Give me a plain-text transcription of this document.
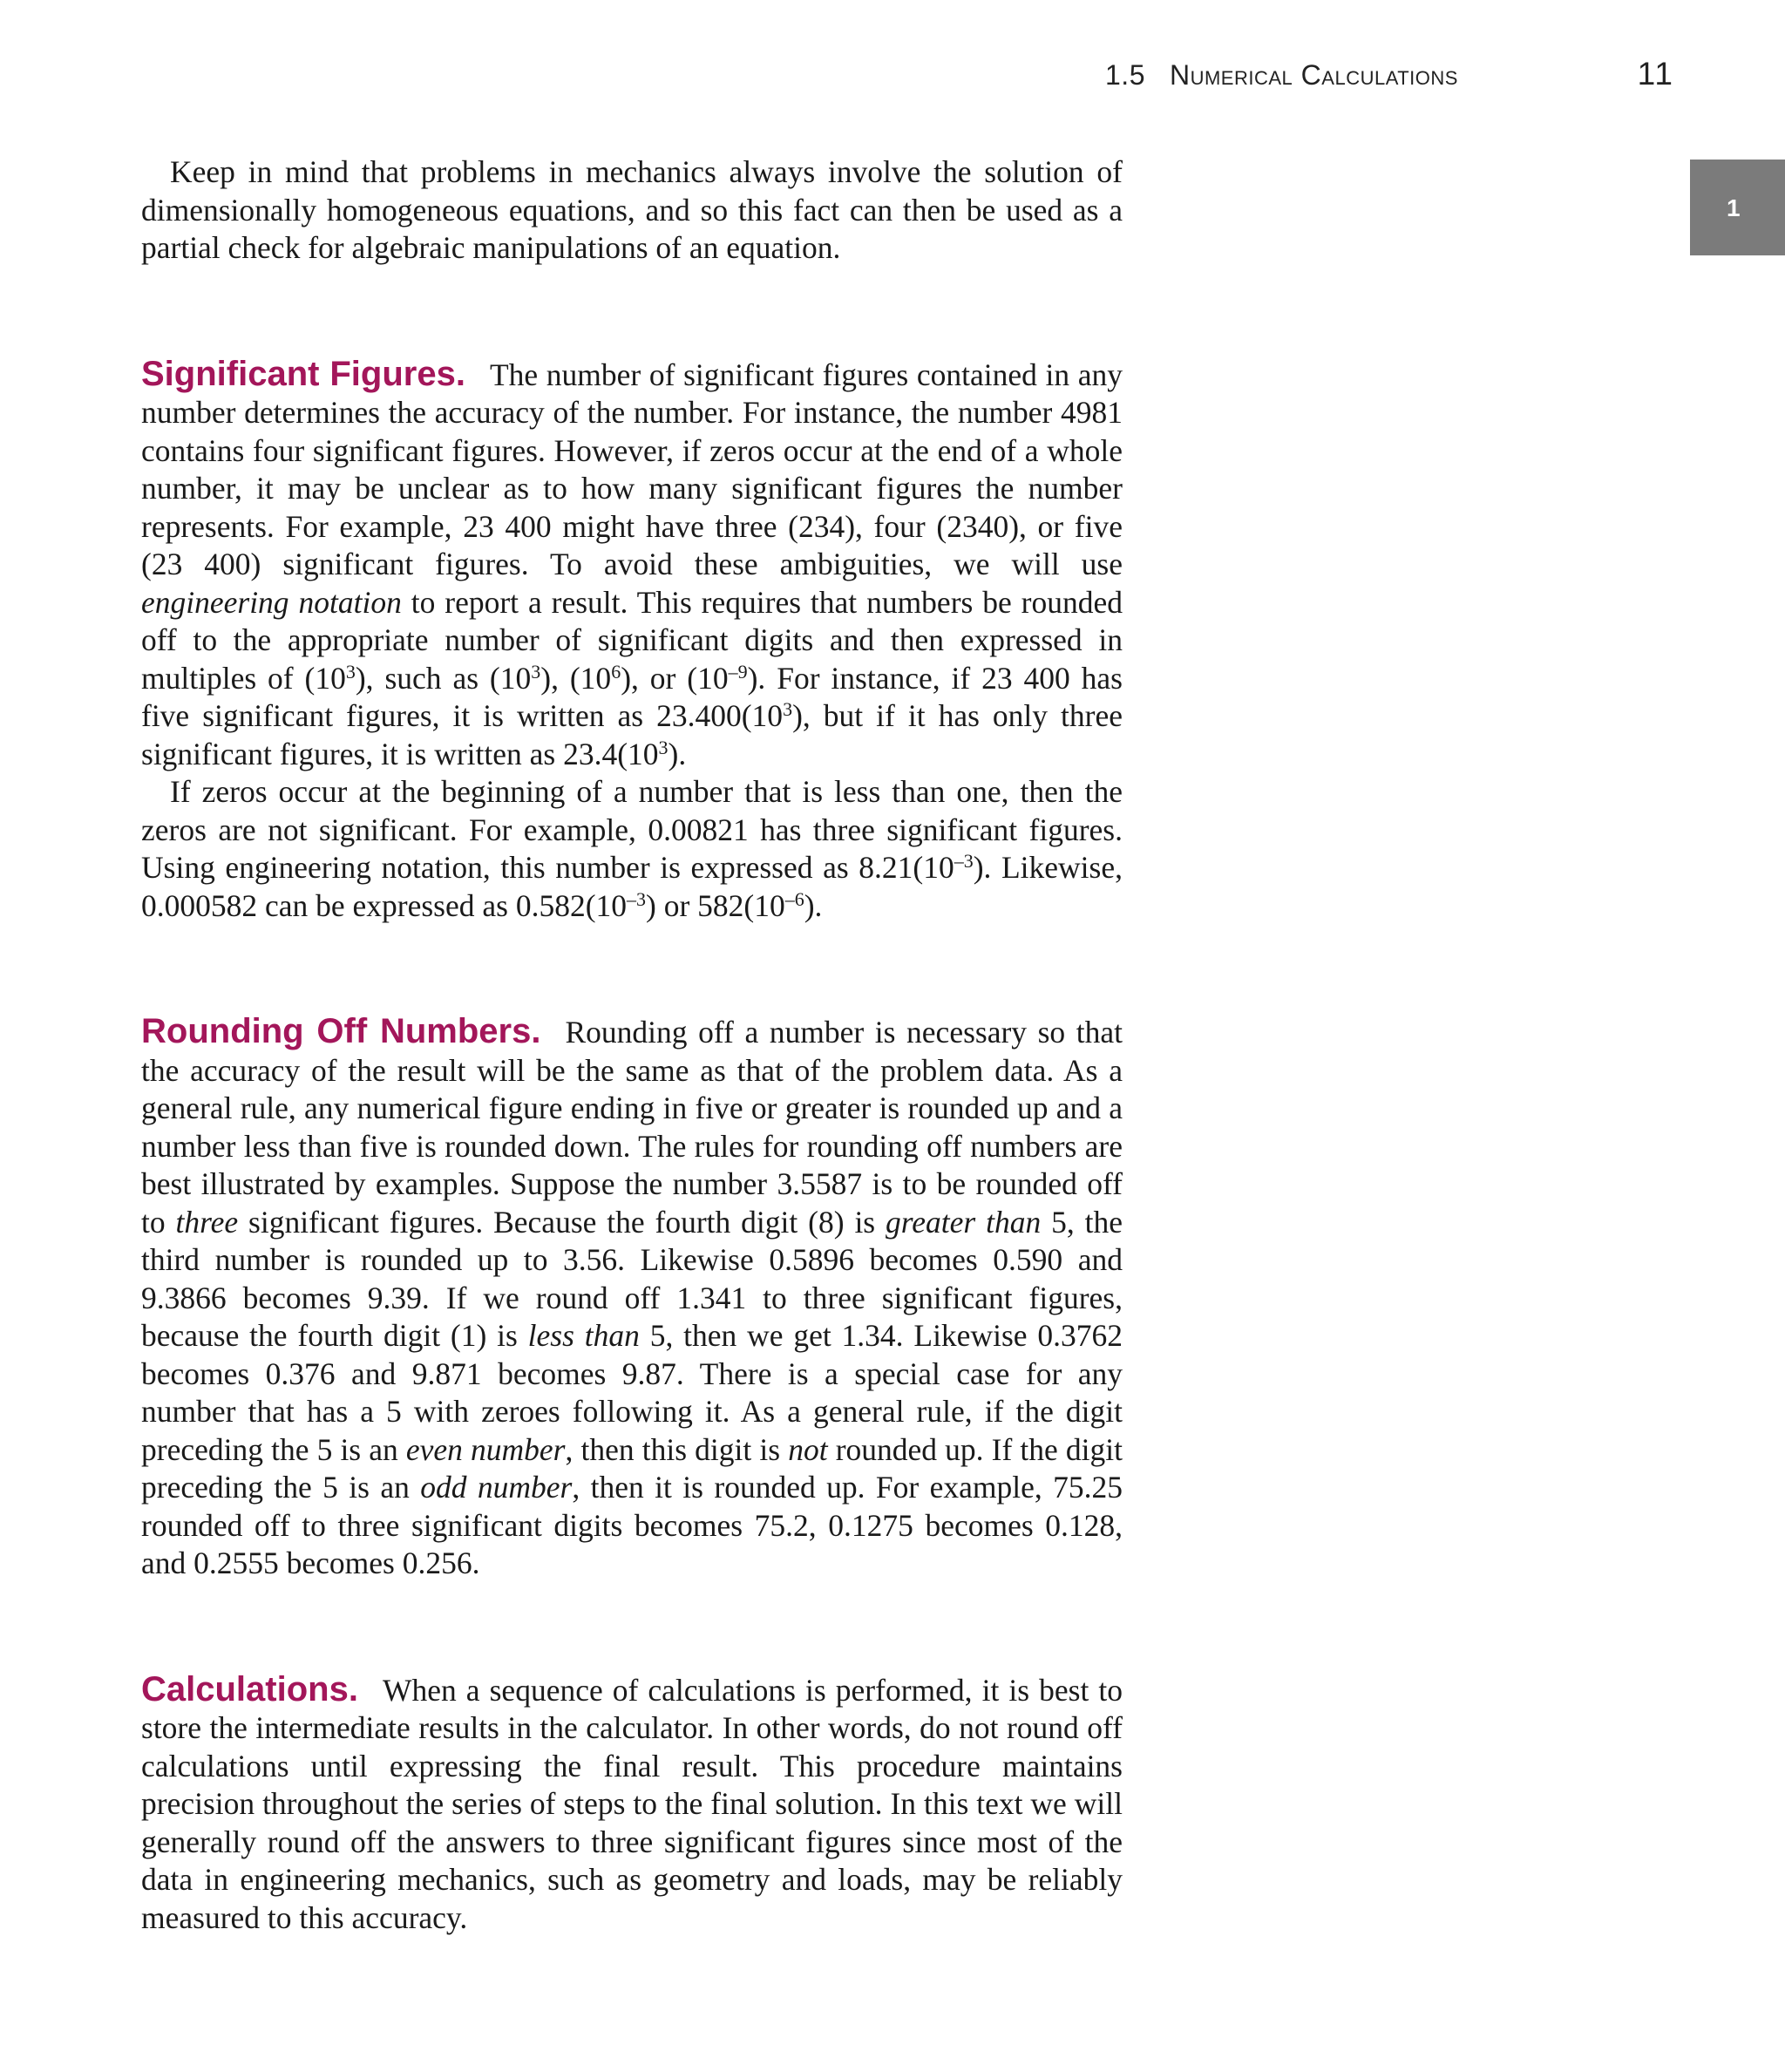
1.5 Numerical Calculations	11
1

Keep in mind that problems in mechanics always involve the solution of dimensionally homogeneous equations, and so this fact can then be used as a partial check for algebraic manipulations of an equation.

Significant Figures. The number of significant figures contained in any number determines the accuracy of the number. For instance, the number 4981 contains four significant figures. However, if zeros occur at the end of a whole number, it may be unclear as to how many significant figures the number represents. For example, 23 400 might have three (234), four (2340), or five (23 400) significant figures. To avoid these ambiguities, we will use engineering notation to report a result. This requires that numbers be rounded off to the appropriate number of significant digits and then expressed in multiples of $(10^3)$, such as $(10^3)$, $(10^6)$, or $(10^{-9})$. For instance, if 23 400 has five significant figures, it is written as $23.400(10^3)$, but if it has only three significant figures, it is written as $23.4(10^3)$.

If zeros occur at the beginning of a number that is less than one, then the zeros are not significant. For example, 0.00821 has three significant figures. Using engineering notation, this number is expressed as $8.21(10^{-3})$. Likewise, 0.000582 can be expressed as $0.582(10^{-3})$ or $582(10^{-6})$.

Rounding Off Numbers. Rounding off a number is necessary so that the accuracy of the result will be the same as that of the problem data. As a general rule, any numerical figure ending in five or greater is rounded up and a number less than five is rounded down. The rules for rounding off numbers are best illustrated by examples. Suppose the number 3.5587 is to be rounded off to three significant figures. Because the fourth digit (8) is greater than 5, the third number is rounded up to 3.56. Likewise 0.5896 becomes 0.590 and 9.3866 becomes 9.39. If we round off 1.341 to three significant figures, because the fourth digit (1) is less than 5, then we get 1.34. Likewise 0.3762 becomes 0.376 and 9.871 becomes 9.87. There is a special case for any number that has a 5 with zeroes following it. As a general rule, if the digit preceding the 5 is an even number, then this digit is not rounded up. If the digit preceding the 5 is an odd number, then it is rounded up. For example, 75.25 rounded off to three significant digits becomes 75.2, 0.1275 becomes 0.128, and 0.2555 becomes 0.256.

Calculations. When a sequence of calculations is performed, it is best to store the intermediate results in the calculator. In other words, do not round off calculations until expressing the final result. This procedure maintains precision throughout the series of steps to the final solution. In this text we will generally round off the answers to three significant figures since most of the data in engineering mechanics, such as geometry and loads, may be reliably measured to this accuracy.
